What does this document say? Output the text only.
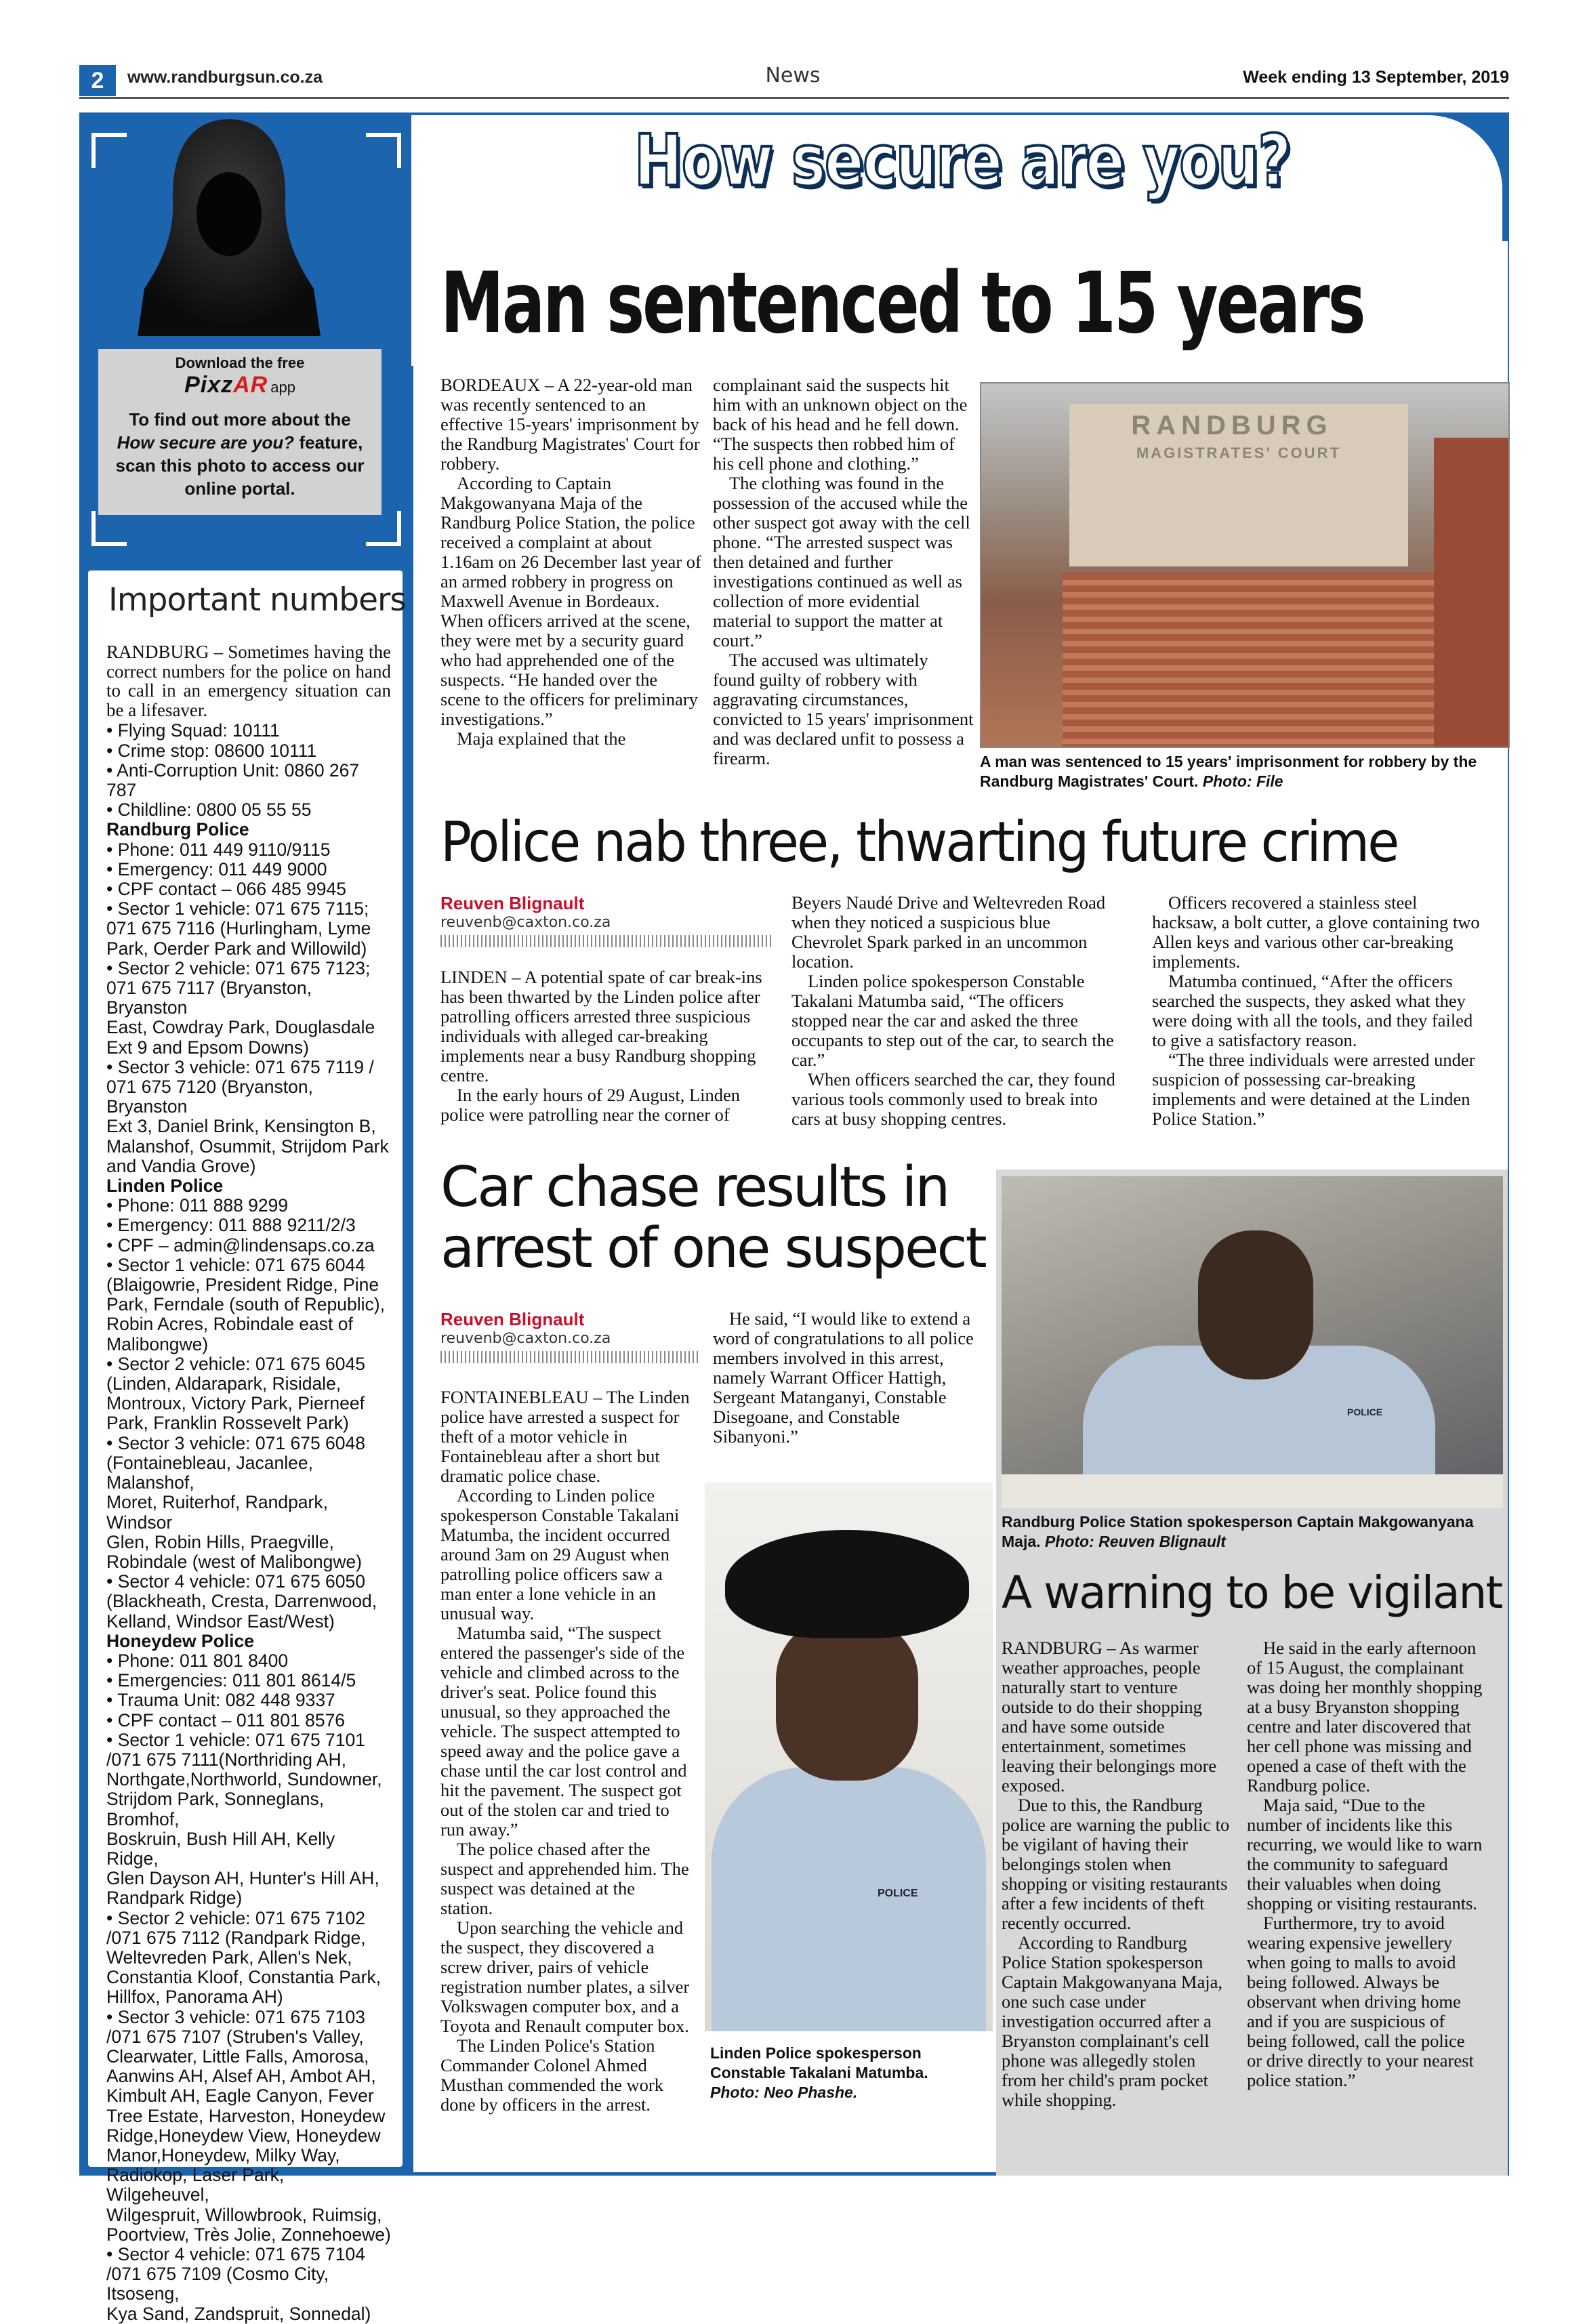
2	www.randburgsun.co.za	News	Week ending 13 September, 2019
Download the free
PixzAR app
To find out more about the
How secure are you? feature, scan this photo to access our online portal.
Important numbers
RANDBURG – Sometimes having the correct numbers for the police on hand to call in an emergency situation can be a lifesaver.
• Flying Squad: 10111
• Crime stop: 08600 10111
• Anti-Corruption Unit: 0860 267 787
• Childline: 0800 05 55 55
Randburg Police
• Phone: 011 449 9110/9115
• Emergency: 011 449 9000
• CPF contact – 066 485 9945
• Sector 1 vehicle: 071 675 7115;
071 675 7116 (Hurlingham, Lyme
Park, Oerder Park and Willowild)
• Sector 2 vehicle: 071 675 7123;
071 675 7117 (Bryanston, Bryanston
East, Cowdray Park, Douglasdale
Ext 9 and Epsom Downs)
• Sector 3 vehicle: 071 675 7119 /
071 675 7120 (Bryanston, Bryanston
Ext 3, Daniel Brink, Kensington B,
Malanshof, Osummit, Strijdom Park
and Vandia Grove)
Linden Police
• Phone: 011 888 9299
• Emergency: 011 888 9211/2/3
• CPF – admin@lindensaps.co.za
• Sector 1 vehicle: 071 675 6044
(Blaigowrie, President Ridge, Pine
Park, Ferndale (south of Republic),
Robin Acres, Robindale east of
Malibongwe)
• Sector 2 vehicle: 071 675 6045
(Linden, Aldarapark, Risidale,
Montroux, Victory Park, Pierneef
Park, Franklin Rossevelt Park)
• Sector 3 vehicle: 071 675 6048
(Fontainebleau, Jacanlee, Malanshof,
Moret, Ruiterhof, Randpark, Windsor
Glen, Robin Hills, Praegville,
Robindale (west of Malibongwe)
• Sector 4 vehicle: 071 675 6050
(Blackheath, Cresta, Darrenwood,
Kelland, Windsor East/West)
Honeydew Police
• Phone: 011 801 8400
• Emergencies: 011 801 8614/5
• Trauma Unit: 082 448 9337
• CPF contact – 011 801 8576
• Sector 1 vehicle: 071 675 7101
/071 675 7111(Northriding AH,
Northgate,Northworld, Sundowner,
Strijdom Park, Sonneglans, Bromhof,
Boskruin, Bush Hill AH, Kelly Ridge,
Glen Dayson AH, Hunter's Hill AH,
Randpark Ridge)
• Sector 2 vehicle: 071 675 7102
/071 675 7112 (Randpark Ridge,
Weltevreden Park, Allen's Nek,
Constantia Kloof, Constantia Park,
Hillfox, Panorama AH)
• Sector 3 vehicle: 071 675 7103
/071 675 7107 (Struben's Valley,
Clearwater, Little Falls, Amorosa,
Aanwins AH, Alsef AH, Ambot AH,
Kimbult AH, Eagle Canyon, Fever
Tree Estate, Harveston, Honeydew
Ridge,Honeydew View, Honeydew
Manor,Honeydew, Milky Way,
Radiokop, Laser Park, Wilgeheuvel,
Wilgespruit, Willowbrook, Ruimsig,
Poortview, Très Jolie, Zonnehoewe)
• Sector 4 vehicle: 071 675 7104
/071 675 7109 (Cosmo City, Itsoseng,
Kya Sand, Zandspruit, Sonnedal)
How secure are you?
Man sentenced to 15 years

BORDEAUX – A 22-year-old man was recently sentenced to an effective 15-years' imprisonment by the Randburg Magistrates' Court for robbery.

According to Captain Makgowanyana Maja of the Randburg Police Station, the police received a complaint at about 1.16am on 26 December last year of an armed robbery in progress on Maxwell Avenue in Bordeaux. When officers arrived at the scene, they were met by a security guard who had apprehended one of the suspects. “He handed over the scene to the officers for preliminary investigations.”

Maja explained that the

complainant said the suspects hit him with an unknown object on the back of his head and he fell down. “The suspects then robbed him of his cell phone and clothing.”

The clothing was found in the possession of the accused while the other suspect got away with the cell phone. “The arrested suspect was then detained and further investigations continued as well as collection of more evidential material to support the matter at court.”

The accused was ultimately found guilty of robbery with aggravating circumstances, convicted to 15 years' imprisonment and was declared unfit to possess a firearm.

RANDBURG
MAGISTRATES' COURT
A man was sentenced to 15 years' imprisonment for robbery by the Randburg Magistrates' Court. Photo: File
Police nab three, thwarting future crime
Reuven Blignault
reuvenb@caxton.co.za

LINDEN – A potential spate of car break-ins has been thwarted by the Linden police after patrolling officers arrested three suspicious individuals with alleged car-breaking implements near a busy Randburg shopping centre.

In the early hours of 29 August, Linden police were patrolling near the corner of

Beyers Naudé Drive and Weltevreden Road when they noticed a suspicious blue Chevrolet Spark parked in an uncommon location.

Linden police spokesperson Constable Takalani Matumba said, “The officers stopped near the car and asked the three occupants to step out of the car, to search the car.”

When officers searched the car, they found various tools commonly used to break into cars at busy shopping centres.

Officers recovered a stainless steel hacksaw, a bolt cutter, a glove containing two Allen keys and various other car-breaking implements.

Matumba continued, “After the officers searched the suspects, they asked what they were doing with all the tools, and they failed to give a satisfactory reason.

“The three individuals were arrested under suspicion of possessing car-breaking implements and were detained at the Linden Police Station.”

Car chase results in
arrest of one suspect
Reuven Blignault
reuvenb@caxton.co.za

FONTAINEBLEAU – The Linden police have arrested a suspect for theft of a motor vehicle in Fontainebleau after a short but dramatic police chase.

According to Linden police spokesperson Constable Takalani Matumba, the incident occurred around 3am on 29 August when patrolling police officers saw a man enter a lone vehicle in an unusual way.

Matumba said, “The suspect entered the passenger's side of the vehicle and climbed across to the driver's seat. Police found this unusual, so they approached the vehicle. The suspect attempted to speed away and the police gave a chase until the car lost control and hit the pavement. The suspect got out of the stolen car and tried to run away.”

The police chased after the suspect and apprehended him. The suspect was detained at the station.

Upon searching the vehicle and the suspect, they discovered a screw driver, pairs of vehicle registration number plates, a silver Volkswagen computer box, and a Toyota and Renault computer box.

The Linden Police's Station Commander Colonel Ahmed Musthan commended the work done by officers in the arrest.

He said, “I would like to extend a word of congratulations to all police members involved in this arrest, namely Warrant Officer Hattigh, Sergeant Matanganyi, Constable Disegoane, and Constable Sibanyoni.”

POLICE
Linden Police spokesperson Constable Takalani Matumba.
Photo: Neo Phashe.
POLICE
Randburg Police Station spokesperson Captain Makgowanyana Maja. Photo: Reuven Blignault
A warning to be vigilant

RANDBURG – As warmer weather approaches, people naturally start to venture outside to do their shopping and have some outside entertainment, sometimes leaving their belongings more exposed.

Due to this, the Randburg police are warning the public to be vigilant of having their belongings stolen when shopping or visiting restaurants after a few incidents of theft recently occurred.

According to Randburg Police Station spokesperson Captain Makgowanyana Maja, one such case under investigation occurred after a Bryanston complainant's cell phone was allegedly stolen from her child's pram pocket while shopping.

He said in the early afternoon of 15 August, the complainant was doing her monthly shopping at a busy Bryanston shopping centre and later discovered that her cell phone was missing and opened a case of theft with the Randburg police.

Maja said, “Due to the number of incidents like this recurring, we would like to warn the community to safeguard their valuables when doing shopping or visiting restaurants.

Furthermore, try to avoid wearing expensive jewellery when going to malls to avoid being followed. Always be observant when driving home and if you are suspicious of being followed, call the police or drive directly to your nearest police station.”
